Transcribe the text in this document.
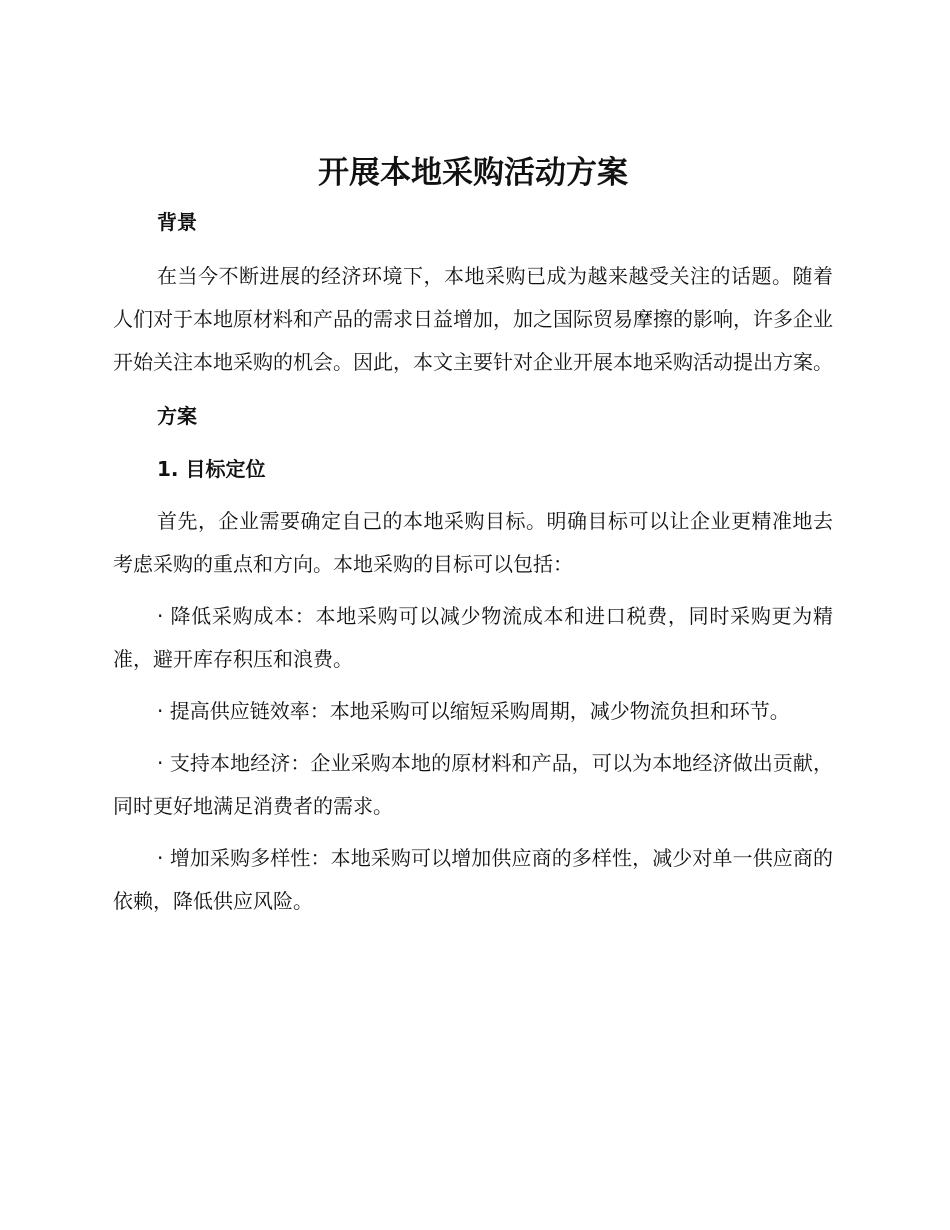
开展本地采购活动方案
背景

在当今不断进展的经济环境下，本地采购已成为越来越受关注的话题。随着人们对于本地原材料和产品的需求日益增加，加之国际贸易摩擦的影响，许多企业开始关注本地采购的机会。因此，本文主要针对企业开展本地采购活动提出方案。

方案
1. 目标定位

首先，企业需要确定自己的本地采购目标。明确目标可以让企业更精准地去考虑采购的重点和方向。本地采购的目标可以包括：

· 降低采购成本：本地采购可以减少物流成本和进口税费，同时采购更为精准，避开库存积压和浪费。

· 提高供应链效率：本地采购可以缩短采购周期，减少物流负担和环节。

· 支持本地经济：企业采购本地的原材料和产品，可以为本地经济做出贡献，同时更好地满足消费者的需求。

· 增加采购多样性：本地采购可以增加供应商的多样性，减少对单一供应商的依赖，降低供应风险。
